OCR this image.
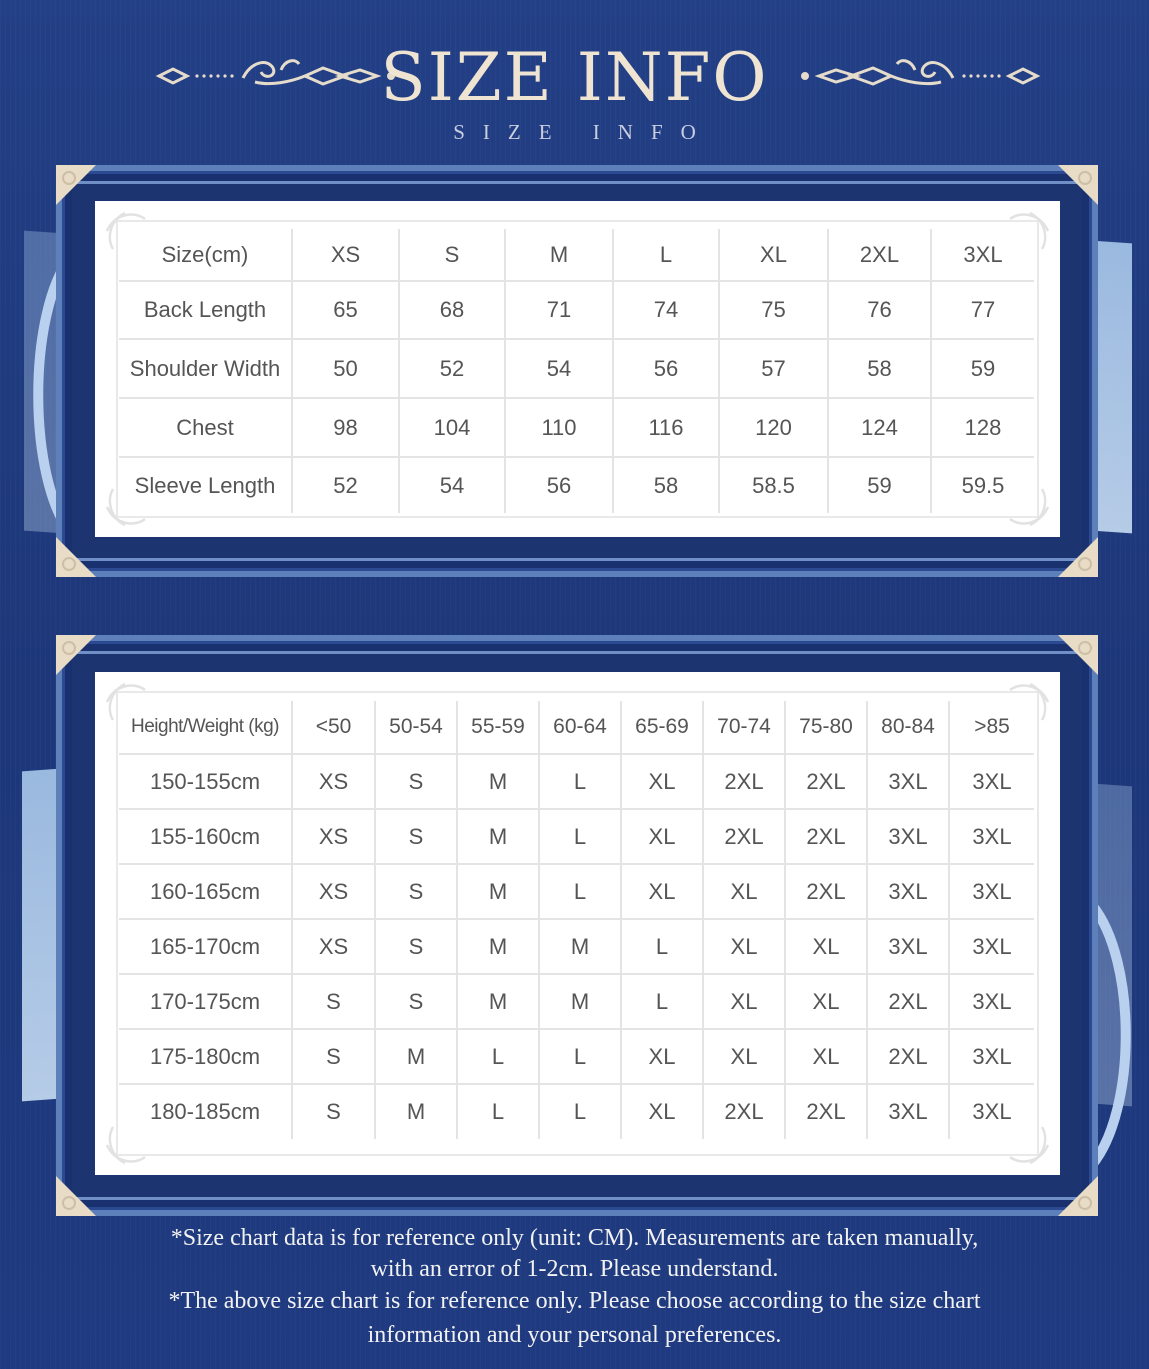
SIZE INFO
SIZE INFO
Size(cm)	XS	S	M	L	XL	2XL	3XL
Back Length	65	68	71	74	75	76	77
Shoulder Width	50	52	54	56	57	58	59
Chest	98	104	110	116	120	124	128
Sleeve Length	52	54	56	58	58.5	59	59.5
Height/Weight (kg)	<50	50-54	55-59	60-64	65-69	70-74	75-80	80-84	>85
150-155cm	XS	S	M	L	XL	2XL	2XL	3XL	3XL
155-160cm	XS	S	M	L	XL	2XL	2XL	3XL	3XL
160-165cm	XS	S	M	L	XL	XL	2XL	3XL	3XL
165-170cm	XS	S	M	M	L	XL	XL	3XL	3XL
170-175cm	S	S	M	M	L	XL	XL	2XL	3XL
175-180cm	S	M	L	L	XL	XL	XL	2XL	3XL
180-185cm	S	M	L	L	XL	2XL	2XL	3XL	3XL

*Size chart data is for reference only (unit: CM). Measurements are taken manually,

with an error of 1-2cm. Please understand.

*The above size chart is for reference only. Please choose according to the size chart

information and your personal preferences.
